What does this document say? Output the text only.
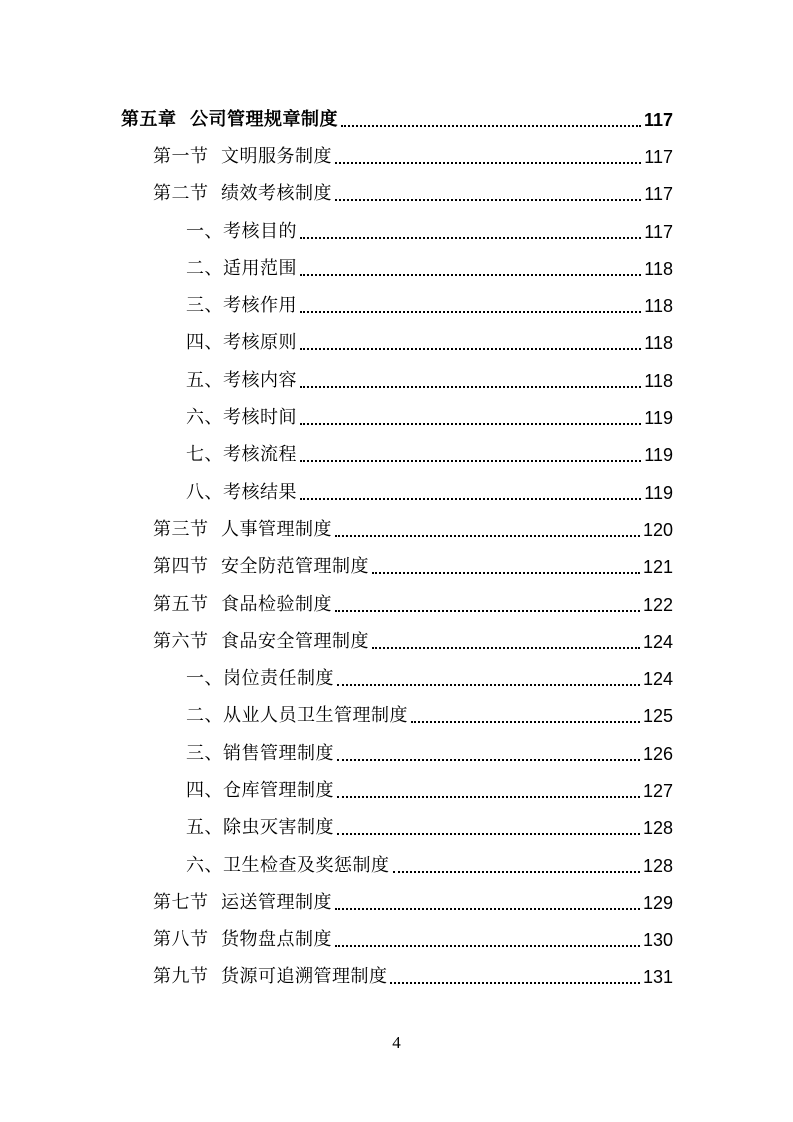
第五章  公司管理规章制度	117
第一节  文明服务制度	117
第二节  绩效考核制度	117
一、考核目的	117
二、适用范围	118
三、考核作用	118
四、考核原则	118
五、考核内容	118
六、考核时间	119
七、考核流程	119
八、考核结果	119
第三节  人事管理制度	120
第四节  安全防范管理制度	121
第五节  食品检验制度	122
第六节  食品安全管理制度	124
一、岗位责任制度	124
二、从业人员卫生管理制度	125
三、销售管理制度	126
四、仓库管理制度	127
五、除虫灭害制度	128
六、卫生检查及奖惩制度	128
第七节  运送管理制度	129
第八节  货物盘点制度	130
第九节  货源可追溯管理制度	131
4
